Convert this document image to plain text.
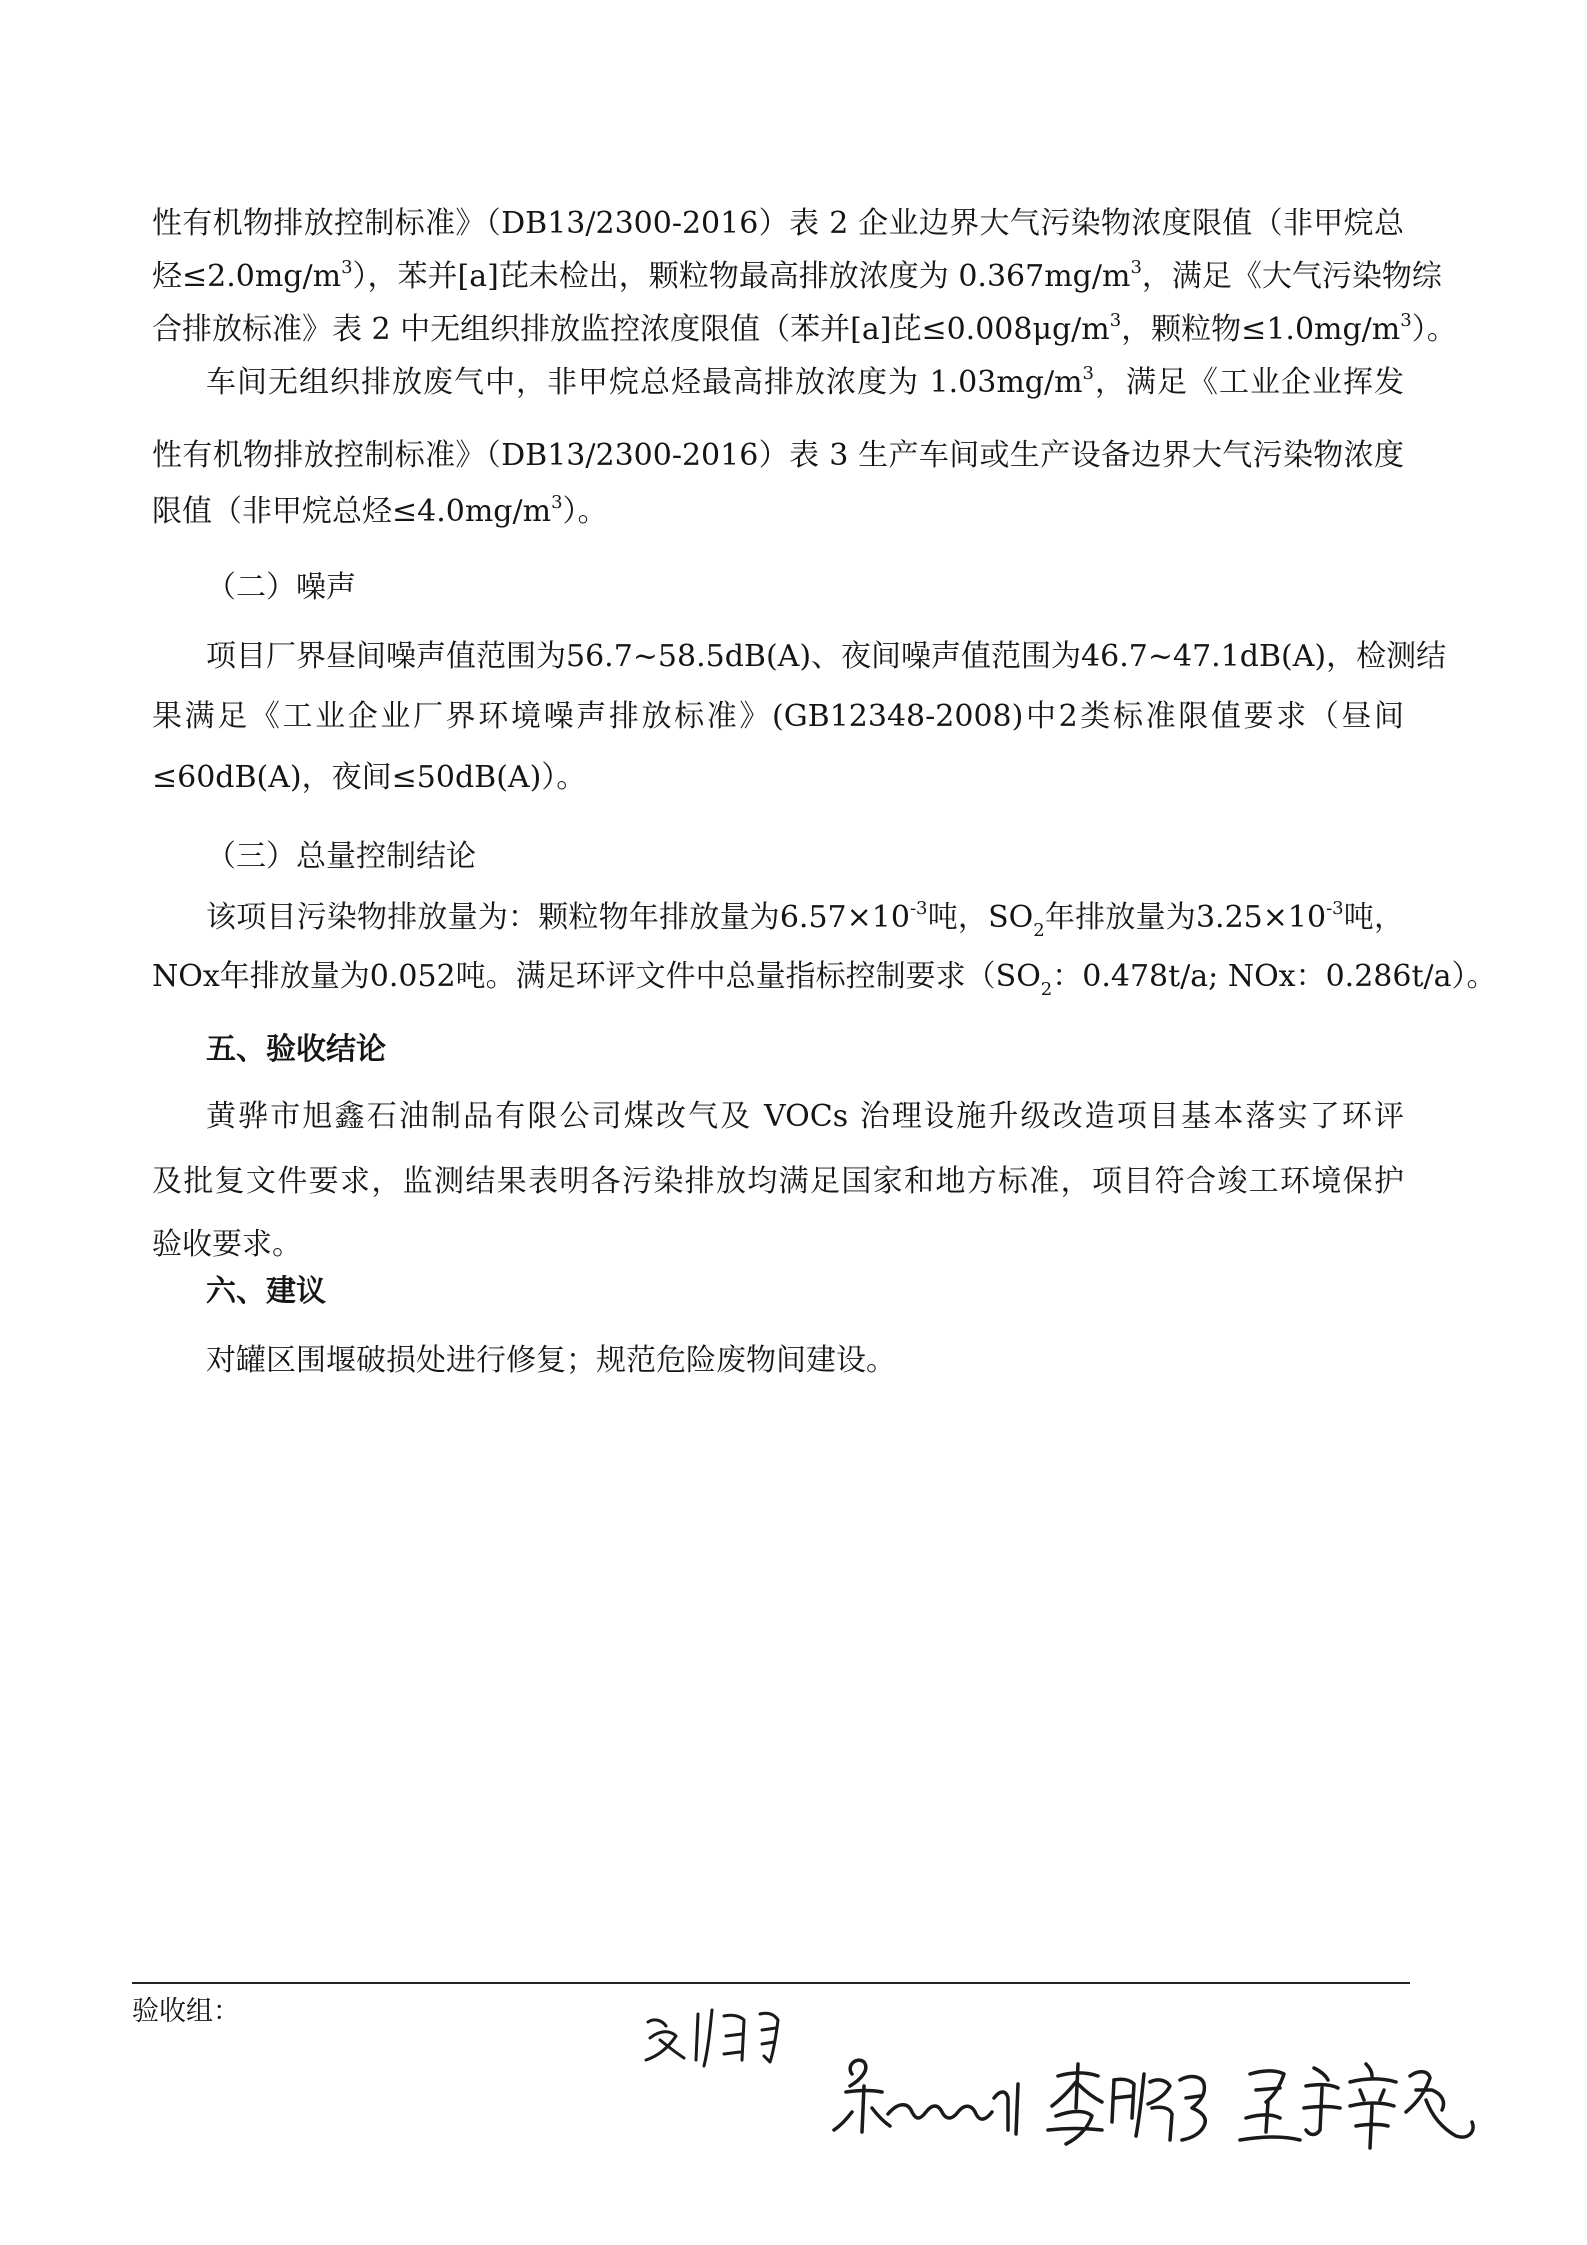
性有机物排放控制标准》（DB13/2300-2016）表 2 企业边界大气污染物浓度限值（非甲烷总
烃$\le 2.0mg/m^3$），苯并[a]芘未检出，颗粒物最高排放浓度为 $0.367mg/m^3$，满足《大气污染物综
合排放标准》表 2 中无组织排放监控浓度限值（苯并[a]芘$\le 0.008\mu g/m^3$，颗粒物$\le 1.0mg/m^3$）。
车间无组织排放废气中，非甲烷总烃最高排放浓度为 $1.03mg/m^3$，满足《工业企业挥发
性有机物排放控制标准》（DB13/2300-2016）表 3 生产车间或生产设备边界大气污染物浓度
限值（非甲烷总烃$\le 4.0mg/m^3$）。
（二）噪声
项目厂界昼间噪声值范围为56.7~58.5dB(A)、夜间噪声值范围为46.7~47.1dB(A)，检测结
果满足《工业企业厂界环境噪声排放标准》(GB12348-2008)中2类标准限值要求（昼间
≤60dB(A)，夜间≤50dB(A)）。
（三）总量控制结论
该项目污染物排放量为：颗粒物年排放量为$6.57\times 10^{-3}$吨，$SO_2$年排放量为$3.25\times 10^{-3}$吨，
NOx年排放量为0.052吨。满足环评文件中总量指标控制要求（$SO_2$：0.478t/a; NOx：0.286t/a）。
五、验收结论
黄骅市旭鑫石油制品有限公司煤改气及 VOCs 治理设施升级改造项目基本落实了环评
及批复文件要求，监测结果表明各污染排放均满足国家和地方标准，项目符合竣工环境保护
验收要求。
六、建议
对罐区围堰破损处进行修复；规范危险废物间建设。
验收组：
